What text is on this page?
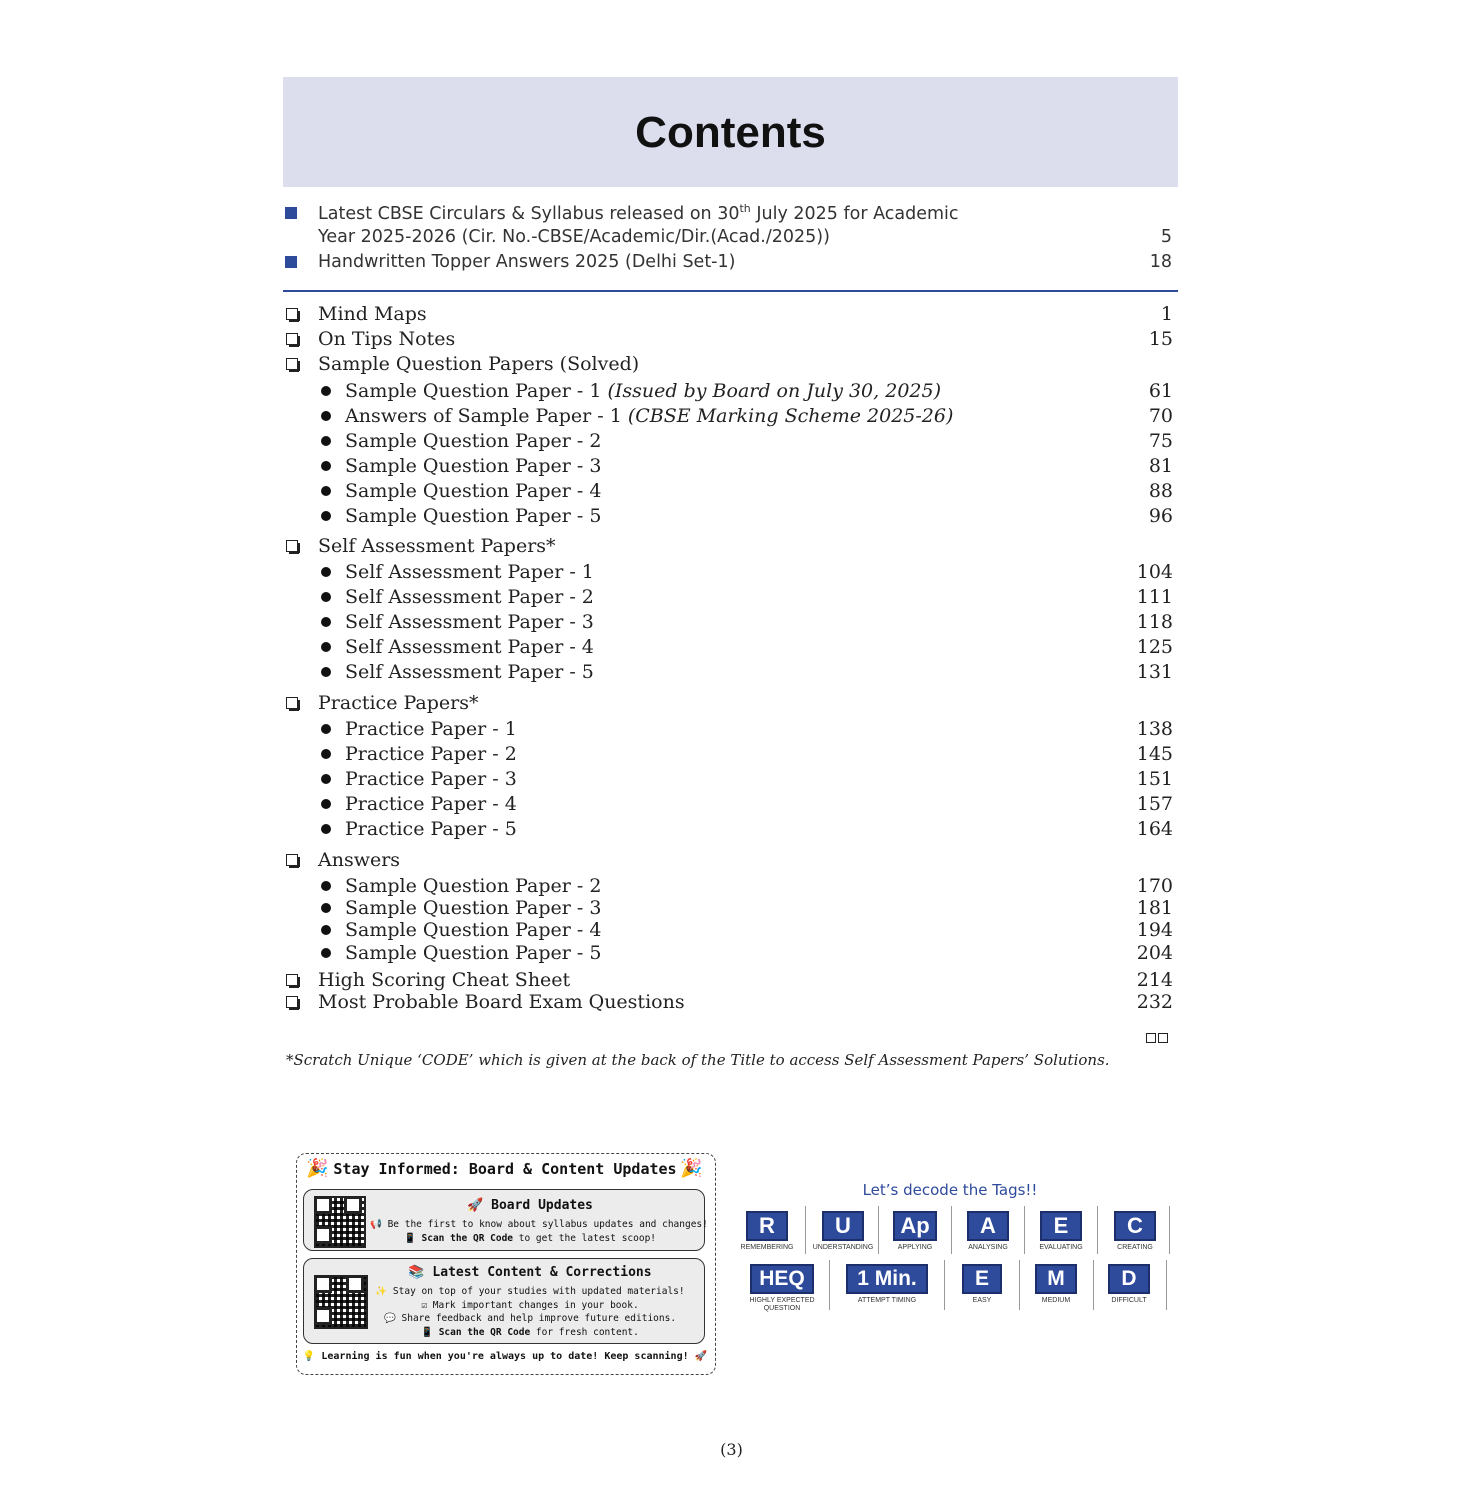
Contents
Latest CBSE Circulars & Syllabus released on 30th July 2025 for Academic
Year 2025-2026 (Cir. No.-CBSE/Academic/Dir.(Acad./2025))	5
Handwritten Topper Answers 2025 (Delhi Set-1)	18
Mind Maps	1
On Tips Notes	15
Sample Question Papers (Solved)
Sample Question Paper - 1 (Issued by Board on July 30, 2025)	61
Answers of Sample Paper - 1 (CBSE Marking Scheme 2025-26)	70
Sample Question Paper - 2	75
Sample Question Paper - 3	81
Sample Question Paper - 4	88
Sample Question Paper - 5	96
Self Assessment Papers*
Self Assessment Paper - 1	104
Self Assessment Paper - 2	111
Self Assessment Paper - 3	118
Self Assessment Paper - 4	125
Self Assessment Paper - 5	131
Practice Papers*
Practice Paper - 1	138
Practice Paper - 2	145
Practice Paper - 3	151
Practice Paper - 4	157
Practice Paper - 5	164
Answers
Sample Question Paper - 2	170
Sample Question Paper - 3	181
Sample Question Paper - 4	194
Sample Question Paper - 5	204
High Scoring Cheat Sheet	214
Most Probable Board Exam Questions	232
*Scratch Unique ‘CODE’ which is given at the back of the Title to access Self Assessment Papers’ Solutions.
🎉	🎉
Stay Informed: Board & Content Updates
🚀 Board Updates
📢 Be the first to know about syllabus updates and changes!
📱 Scan the QR Code to get the latest scoop!
📚 Latest Content & Corrections
✨ Stay on top of your studies with updated materials!
☑ Mark important changes in your book.
💬 Share feedback and help improve future editions.
📱 Scan the QR Code for fresh content.
💡 Learning is fun when you're always up to date! Keep scanning! 🚀
Let’s decode the Tags!!
R
REMEMBERING
U
UNDERSTANDING
Ap
APPLYING
A
ANALYSING
E
EVALUATING
C
CREATING
HEQ
HIGHLY EXPECTED QUESTION
1 Min.
ATTEMPT TIMING
E
EASY
M
MEDIUM
D
DIFFICULT
(3)
